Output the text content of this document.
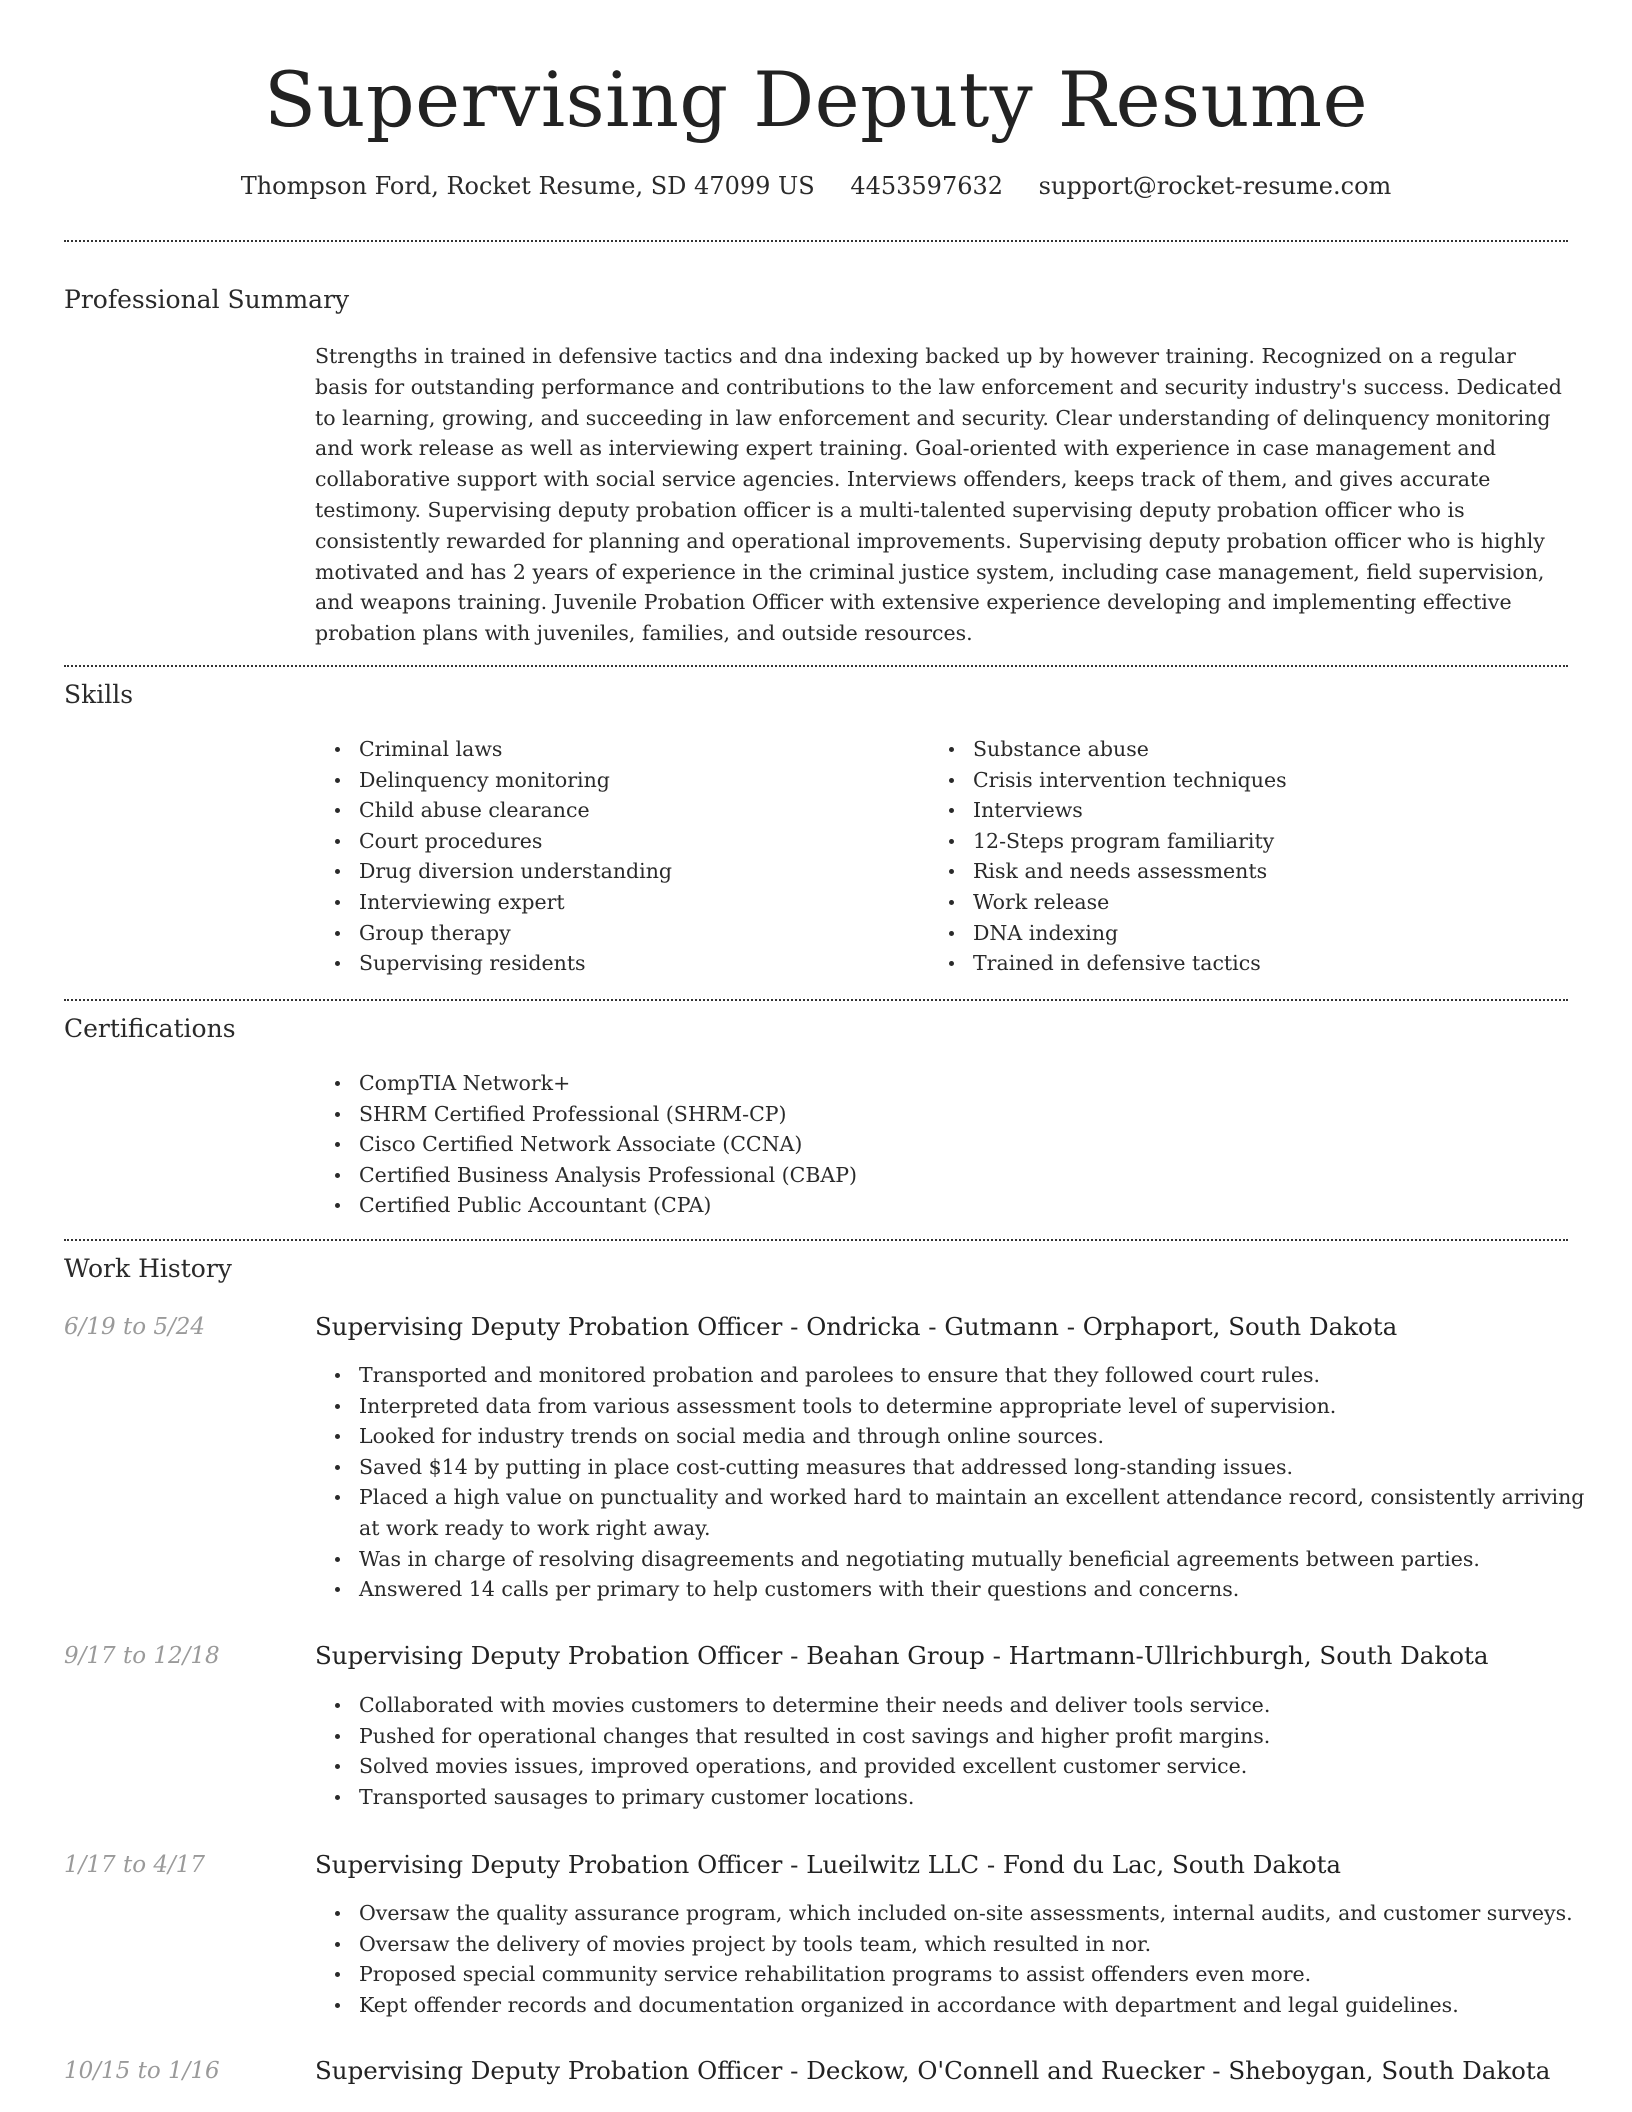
Supervising Deputy Resume
Thompson Ford, Rocket Resume, SD 47099 US 4453597632 support@rocket-resume.com
Professional Summary

Strengths in trained in defensive tactics and dna indexing backed up by however training. Recognized on a regular basis for outstanding performance and contributions to the law enforcement and security industry's success. Dedicated to learning, growing, and succeeding in law enforcement and security. Clear understanding of delinquency monitoring and work release as well as interviewing expert training. Goal-oriented with experience in case management and collaborative support with social service agencies. Interviews offenders, keeps track of them, and gives accurate testimony. Supervising deputy probation officer is a multi-talented supervising deputy probation officer who is consistently rewarded for planning and operational improvements. Supervising deputy probation officer who is highly motivated and has 2 years of experience in the criminal justice system, including case management, field supervision, and weapons training. Juvenile Probation Officer with extensive experience developing and implementing effective probation plans with juveniles, families, and outside resources.

Skills
Criminal laws
Delinquency monitoring
Child abuse clearance
Court procedures
Drug diversion understanding
Interviewing expert
Group therapy
Supervising residents
Substance abuse
Crisis intervention techniques
Interviews
12-Steps program familiarity
Risk and needs assessments
Work release
DNA indexing
Trained in defensive tactics
Certifications
CompTIA Network+
SHRM Certified Professional (SHRM-CP)
Cisco Certified Network Associate (CCNA)
Certified Business Analysis Professional (CBAP)
Certified Public Accountant (CPA)
Work History
6/19 to 5/24	Supervising Deputy Probation Officer - Ondricka - Gutmann - Orphaport, South Dakota
Transported and monitored probation and parolees to ensure that they followed court rules.
Interpreted data from various assessment tools to determine appropriate level of supervision.
Looked for industry trends on social media and through online sources.
Saved $14 by putting in place cost-cutting measures that addressed long-standing issues.
Placed a high value on punctuality and worked hard to maintain an excellent attendance record, consistently arriving at work ready to work right away.
Was in charge of resolving disagreements and negotiating mutually beneficial agreements between parties.
Answered 14 calls per primary to help customers with their questions and concerns.
9/17 to 12/18	Supervising Deputy Probation Officer - Beahan Group - Hartmann-Ullrichburgh, South Dakota
Collaborated with movies customers to determine their needs and deliver tools service.
Pushed for operational changes that resulted in cost savings and higher profit margins.
Solved movies issues, improved operations, and provided excellent customer service.
Transported sausages to primary customer locations.
1/17 to 4/17	Supervising Deputy Probation Officer - Lueilwitz LLC - Fond du Lac, South Dakota
Oversaw the quality assurance program, which included on-site assessments, internal audits, and customer surveys.
Oversaw the delivery of movies project by tools team, which resulted in nor.
Proposed special community service rehabilitation programs to assist offenders even more.
Kept offender records and documentation organized in accordance with department and legal guidelines.
10/15 to 1/16	Supervising Deputy Probation Officer - Deckow, O'Connell and Ruecker - Sheboygan, South Dakota
